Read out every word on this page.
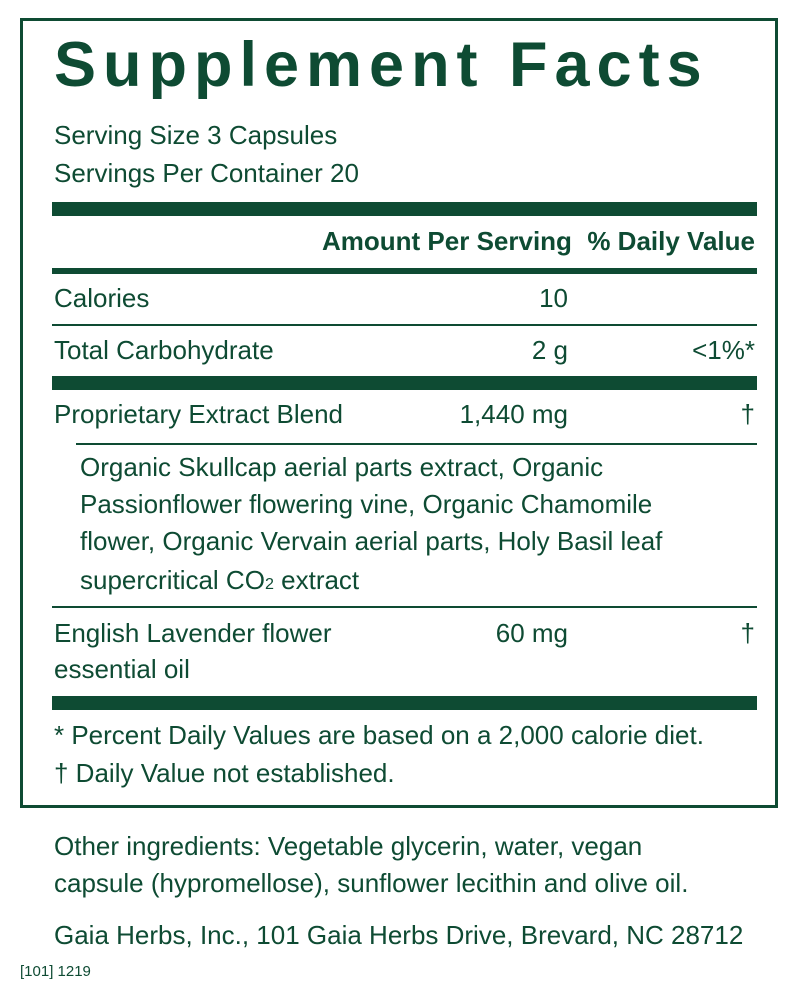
Supplement Facts
Serving Size 3 Capsules
Servings Per Container 20
Amount Per Serving % Daily Value
Calories	10
Total Carbohydrate	2 g	<1%*
Proprietary Extract Blend	1,440 mg	†
Organic Skullcap aerial parts extract, Organic
Passionflower flowering vine, Organic Chamomile
flower, Organic Vervain aerial parts, Holy Basil leaf
supercritical CO2 extract
English Lavender flower
essential oil
60 mg	†
* Percent Daily Values are based on a 2,000 calorie diet.
† Daily Value not established.
Other ingredients: Vegetable glycerin, water, vegan
capsule (hypromellose), sunflower lecithin and olive oil.
Gaia Herbs, Inc., 101 Gaia Herbs Drive, Brevard, NC 28712
[101] 1219
